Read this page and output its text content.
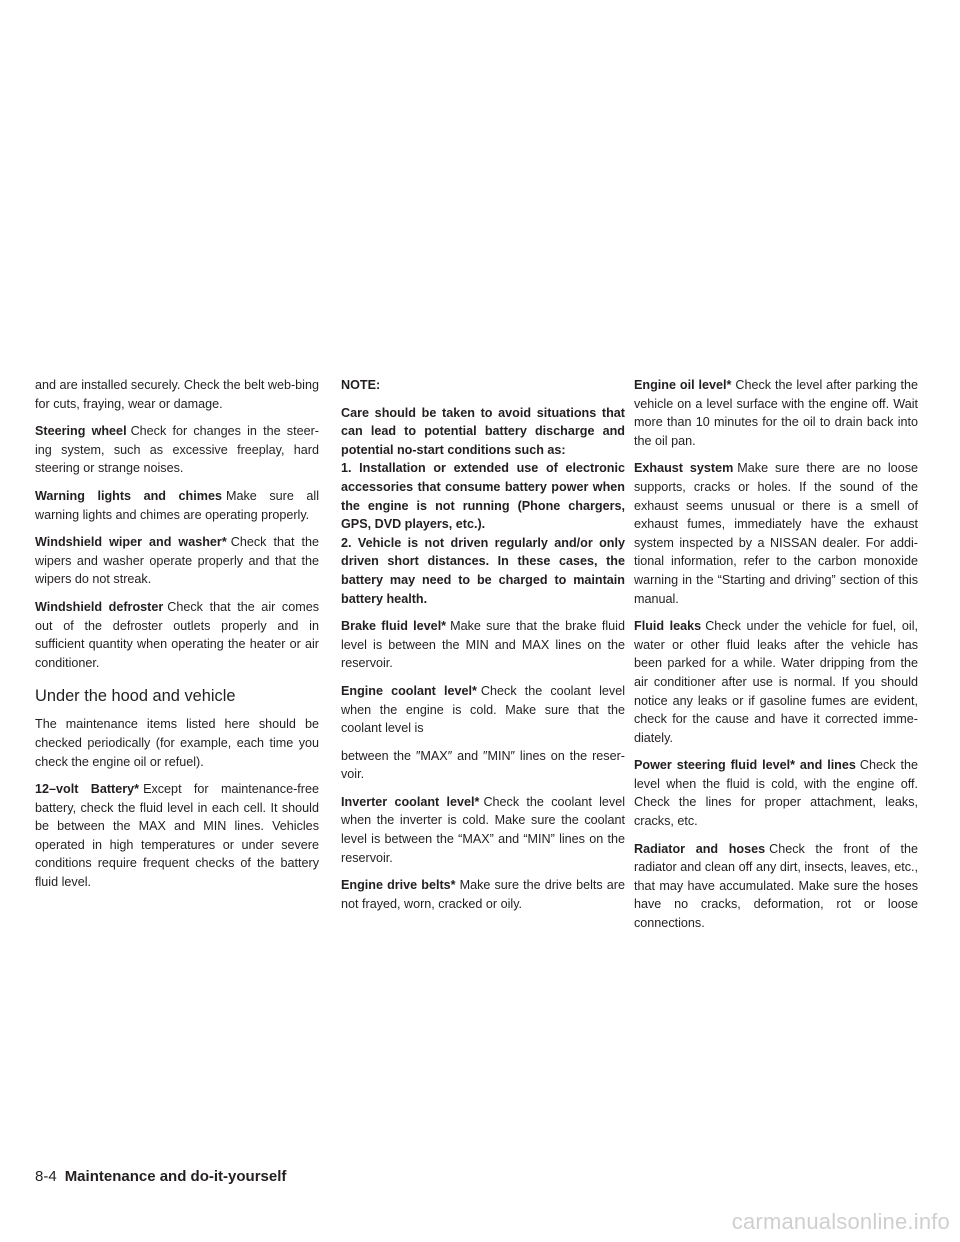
and are installed securely. Check the belt web-bing for cuts, fraying, wear or damage.

Steering wheel Check for changes in the steer-ing system, such as excessive freeplay, hard steering or strange noises.

Warning lights and chimes Make sure all warning lights and chimes are operating properly.

Windshield wiper and washer* Check that the wipers and washer operate properly and that the wipers do not streak.

Windshield defroster Check that the air comes out of the defroster outlets properly and in sufficient quantity when operating the heater or air conditioner.

Under the hood and vehicle

The maintenance items listed here should be checked periodically (for example, each time you check the engine oil or refuel).

12–volt Battery* Except for maintenance-free battery, check the fluid level in each cell. It should be between the MAX and MIN lines. Vehicles operated in high temperatures or under severe conditions require frequent checks of the battery fluid level.

NOTE:

Care should be taken to avoid situations that can lead to potential battery discharge and potential no-start conditions such as:

1. Installation or extended use of electronic accessories that consume battery power when the engine is not running (Phone chargers, GPS, DVD players, etc.).

2. Vehicle is not driven regularly and/or only driven short distances. In these cases, the battery may need to be charged to maintain battery health.

Brake fluid level* Make sure that the brake fluid level is between the MIN and MAX lines on the reservoir.

Engine coolant level* Check the coolant level when the engine is cold. Make sure that the coolant level is

between the ″MAX″ and ″MIN″ lines on the reser-voir.

Inverter coolant level* Check the coolant level when the inverter is cold. Make sure the coolant level is between the “MAX” and “MIN” lines on the reservoir.

Engine drive belts* Make sure the drive belts are not frayed, worn, cracked or oily.

Engine oil level* Check the level after parking the vehicle on a level surface with the engine off. Wait more than 10 minutes for the oil to drain back into the oil pan.

Exhaust system Make sure there are no loose supports, cracks or holes. If the sound of the exhaust seems unusual or there is a smell of exhaust fumes, immediately have the exhaust system inspected by a NISSAN dealer. For addi-tional information, refer to the carbon monoxide warning in the “Starting and driving” section of this manual.

Fluid leaks Check under the vehicle for fuel, oil, water or other fluid leaks after the vehicle has been parked for a while. Water dripping from the air conditioner after use is normal. If you should notice any leaks or if gasoline fumes are evident, check for the cause and have it corrected imme-diately.

Power steering fluid level* and lines Check the level when the fluid is cold, with the engine off. Check the lines for proper attachment, leaks, cracks, etc.

Radiator and hoses Check the front of the radiator and clean off any dirt, insects, leaves, etc., that may have accumulated. Make sure the hoses have no cracks, deformation, rot or loose connections.

8-4 Maintenance and do-it-yourself
carmanualsonline.info
